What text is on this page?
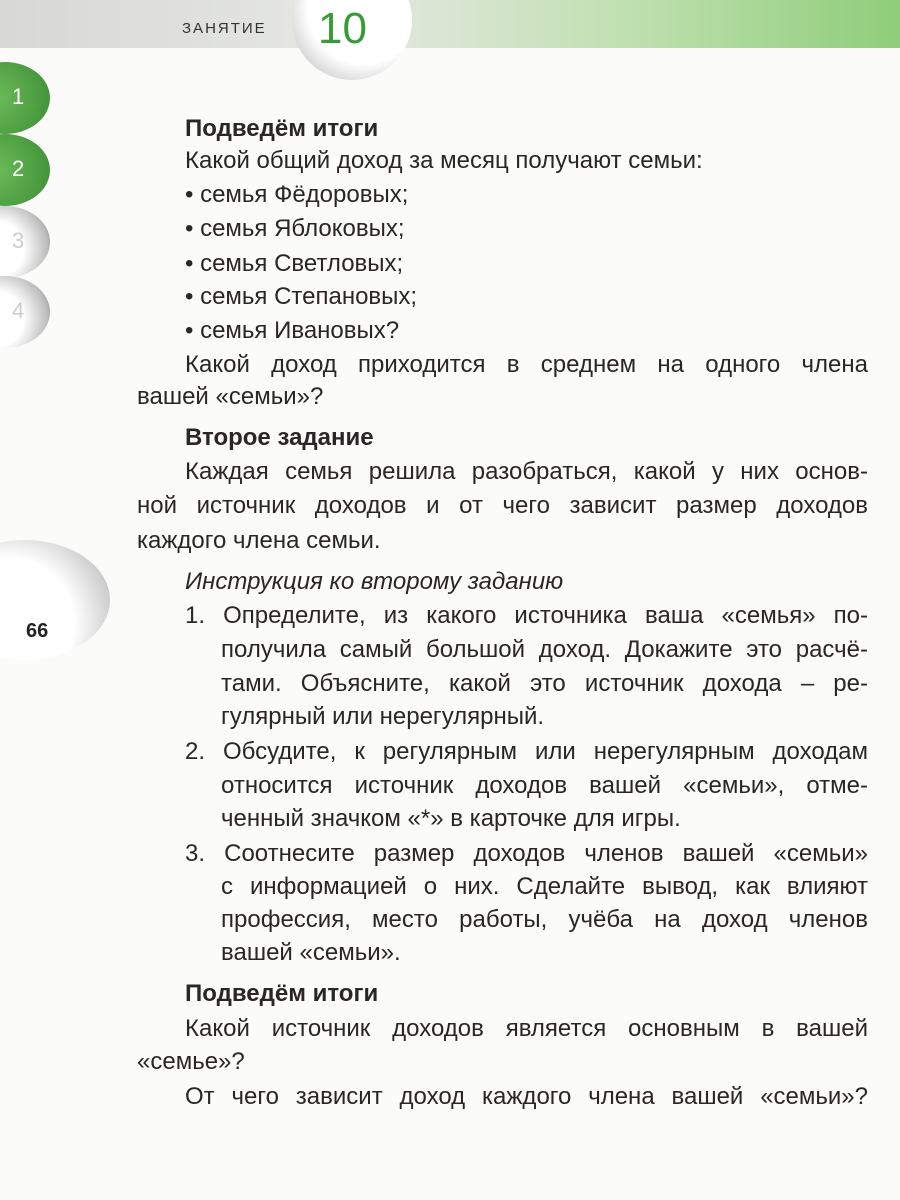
ЗАНЯТИЕ 10
1
2
3
4
66
Подведём итоги
Какой общий доход за месяц получают семьи:
• семья Фёдоровых;
• семья Яблоковых;
• семья Светловых;
• семья Степановых;
• семья Ивановых?
Какой доход приходится в среднем на одного члена
вашей «семьи»?
Второе задание
Каждая семья решила разобраться, какой у них основ-
ной источник доходов и от чего зависит размер доходов
каждого члена семьи.
Инструкция ко второму заданию
1. Определите, из какого источника ваша «семья» по-
получила самый большой доход. Докажите это расчё-
тами. Объясните, какой это источник дохода – ре-
гулярный или нерегулярный.
2. Обсудите, к регулярным или нерегулярным доходам
относится источник доходов вашей «семьи», отме-
ченный значком «*» в карточке для игры.
3. Соотнесите размер доходов членов вашей «семьи»
с информацией о них. Сделайте вывод, как влияют
профессия, место работы, учёба на доход членов
вашей «семьи».
Подведём итоги
Какой источник доходов является основным в вашей
«семье»?
От чего зависит доход каждого члена вашей «семьи»?
